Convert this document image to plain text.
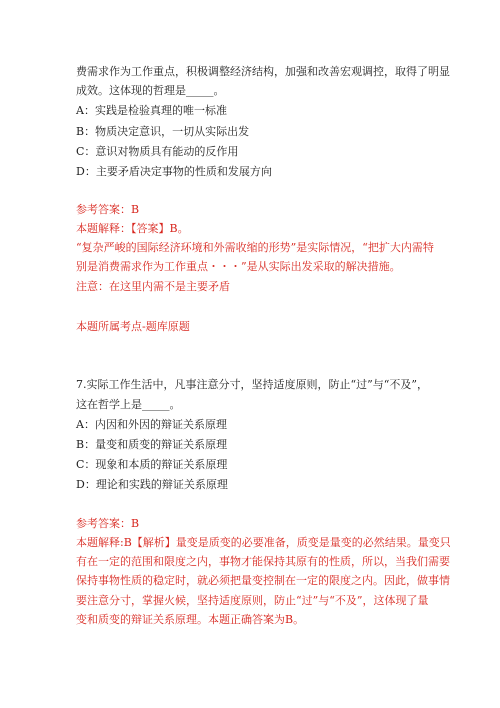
费需求作为工作重点，积极调整经济结构，加强和改善宏观调控，取得了明显
成效。这体现的哲理是_____。
A：实践是检验真理的唯一标准
B：物质决定意识，一切从实际出发
C：意识对物质具有能动的反作用
D：主要矛盾决定事物的性质和发展方向
参考答案：B
本题解释：【答案】B。
“复杂严峻的国际经济环境和外需收缩的形势”是实际情况，“把扩大内需特
别是消费需求作为工作重点・・・”是从实际出发采取的解决措施。
注意：在这里内需不是主要矛盾
本题所属考点-题库原题
7.实际工作生活中，凡事注意分寸，坚持适度原则，防止“过”与“不及”，
这在哲学上是_____。
A：内因和外因的辩证关系原理
B：量变和质变的辩证关系原理
C：现象和本质的辩证关系原理
D：理论和实践的辩证关系原理
参考答案：B
本题解释:B【解析】量变是质变的必要准备，质变是量变的必然结果。量变只
有在一定的范围和限度之内，事物才能保持其原有的性质，所以，当我们需要
保持事物性质的稳定时，就必须把量变控制在一定的限度之内。因此，做事情
要注意分寸，掌握火候，坚持适度原则，防止“过”与“不及”，这体现了量
变和质变的辩证关系原理。本题正确答案为B。
